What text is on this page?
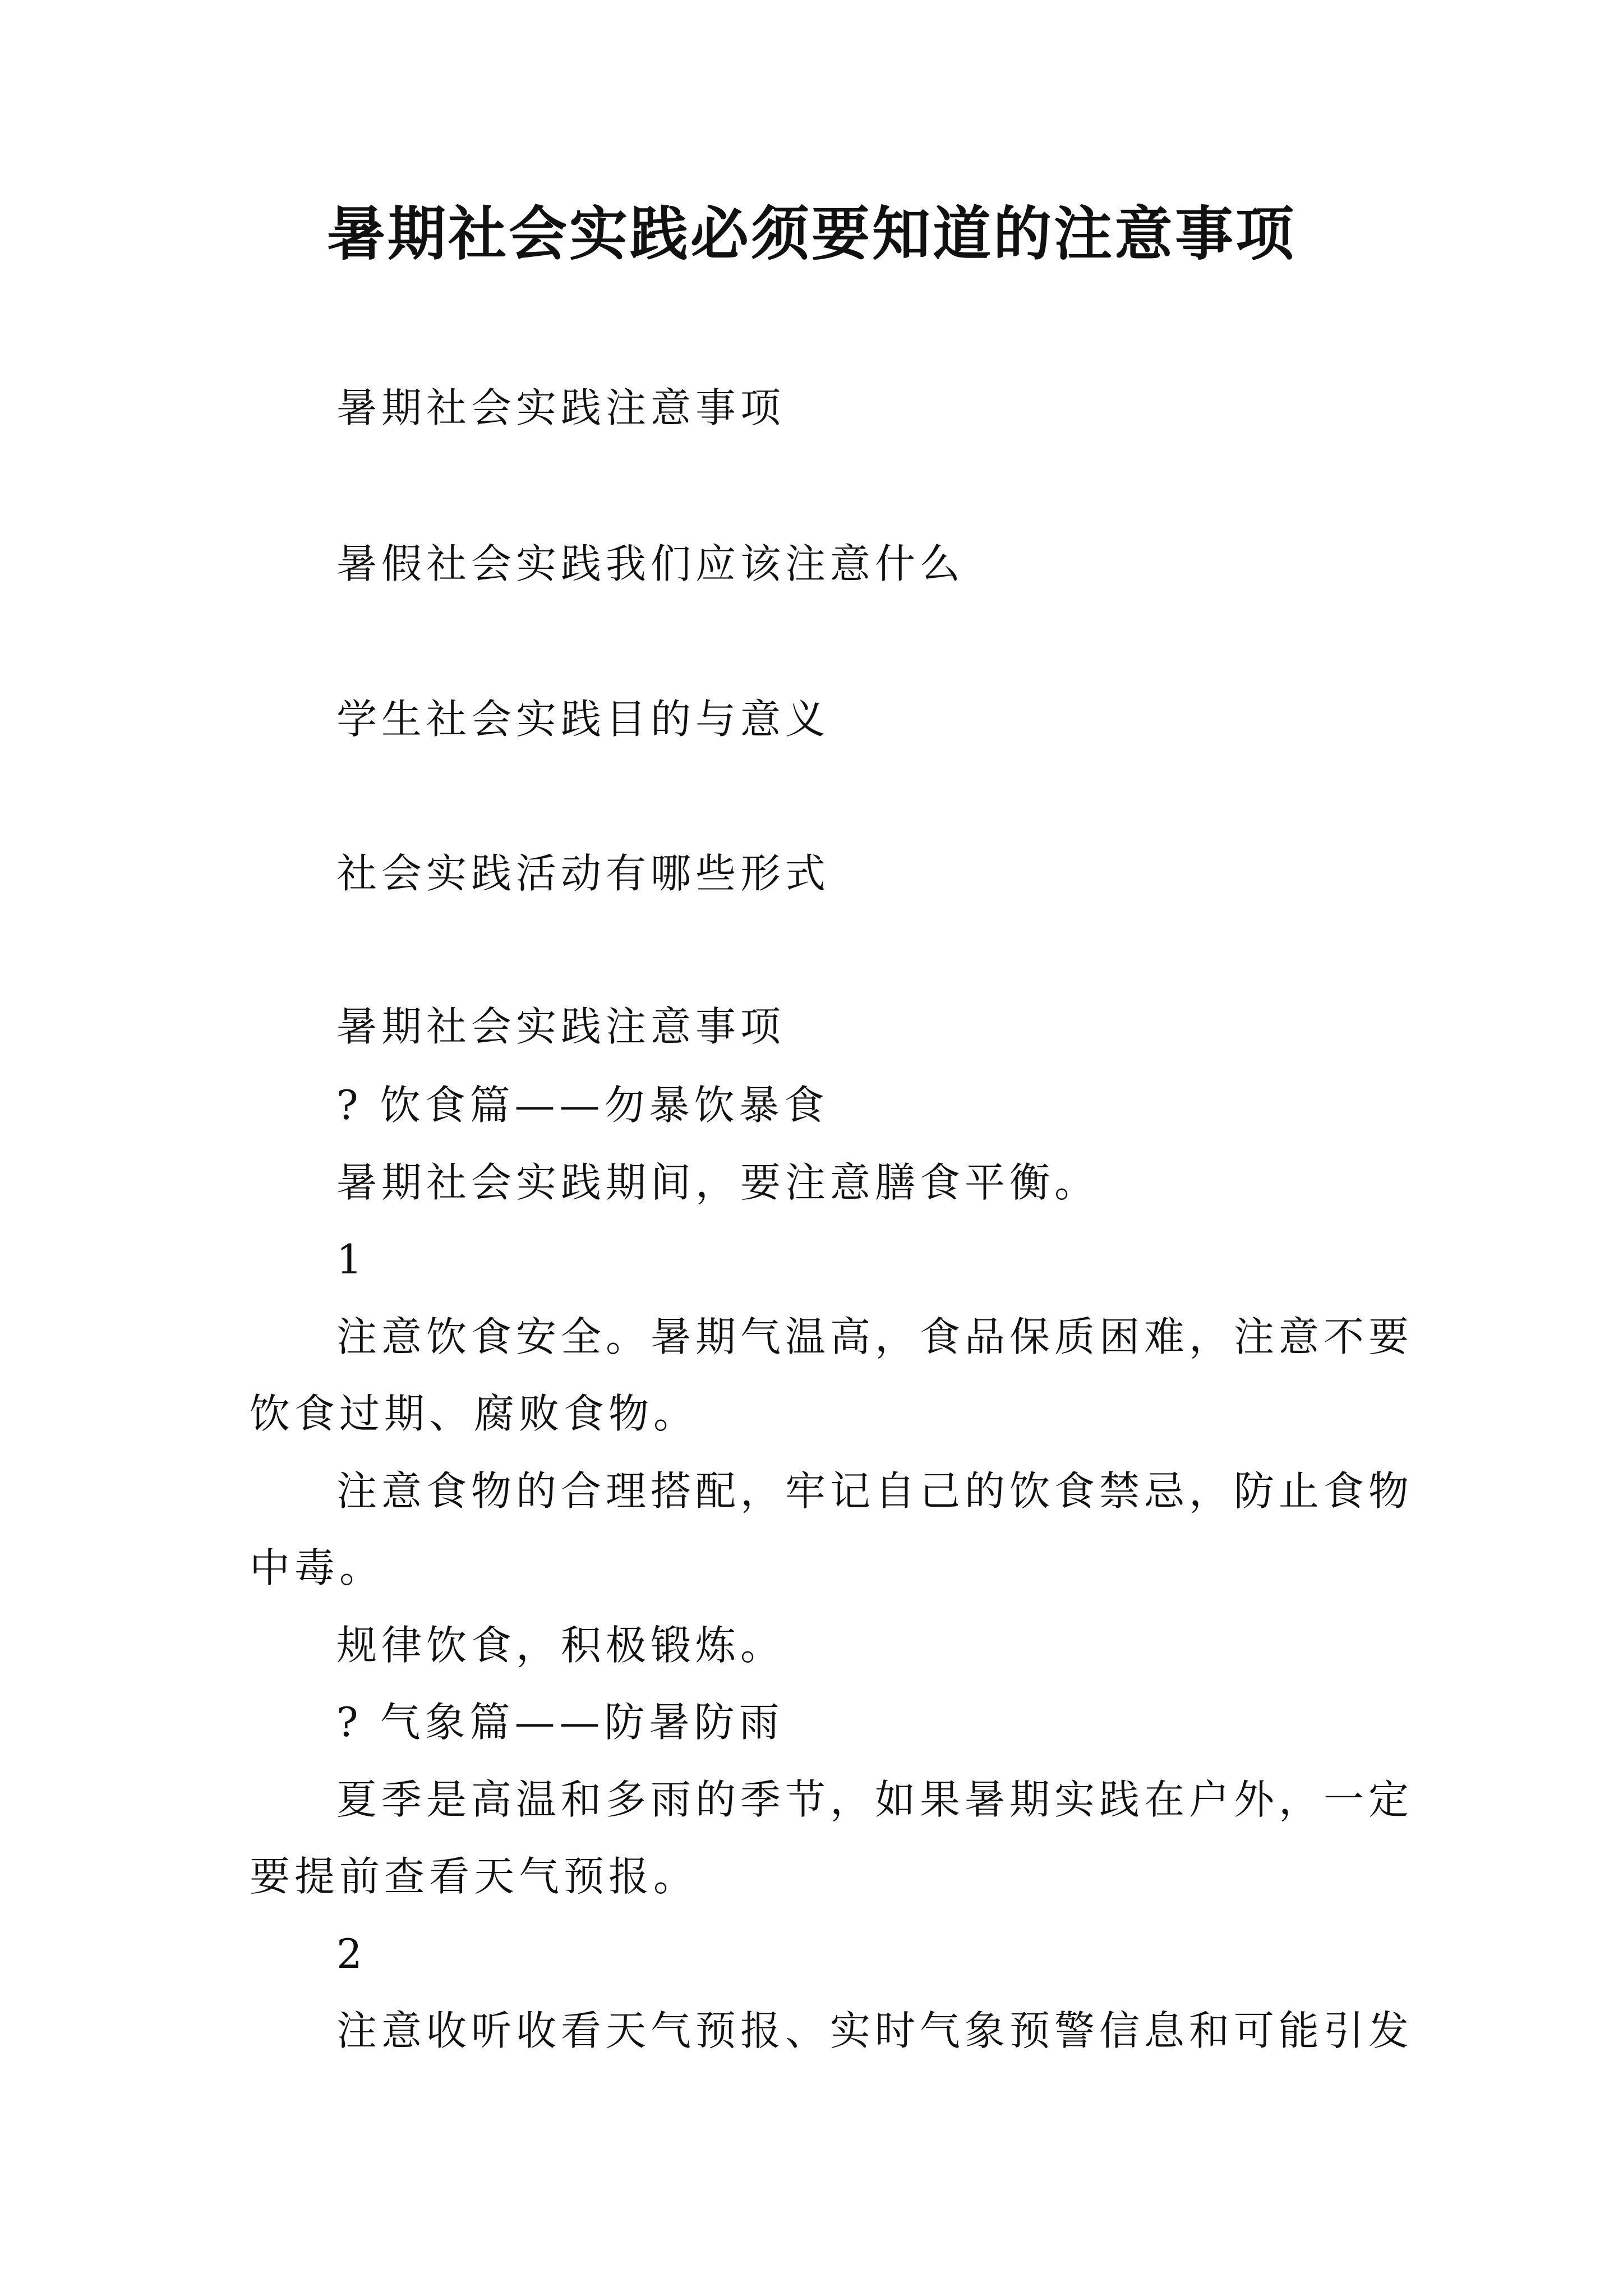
暑期社会实践必须要知道的注意事项
暑期社会实践注意事项
暑假社会实践我们应该注意什么
学生社会实践目的与意义
社会实践活动有哪些形式
暑期社会实践注意事项
? 饮食篇——勿暴饮暴食
暑期社会实践期间，要注意膳食平衡。
1
注意饮食安全。暑期气温高，食品保质困难，注意不要
饮食过期、腐败食物。
注意食物的合理搭配，牢记自己的饮食禁忌，防止食物
中毒。
规律饮食，积极锻炼。
? 气象篇——防暑防雨
夏季是高温和多雨的季节，如果暑期实践在户外，一定
要提前查看天气预报。
2
注意收听收看天气预报、实时气象预警信息和可能引发
